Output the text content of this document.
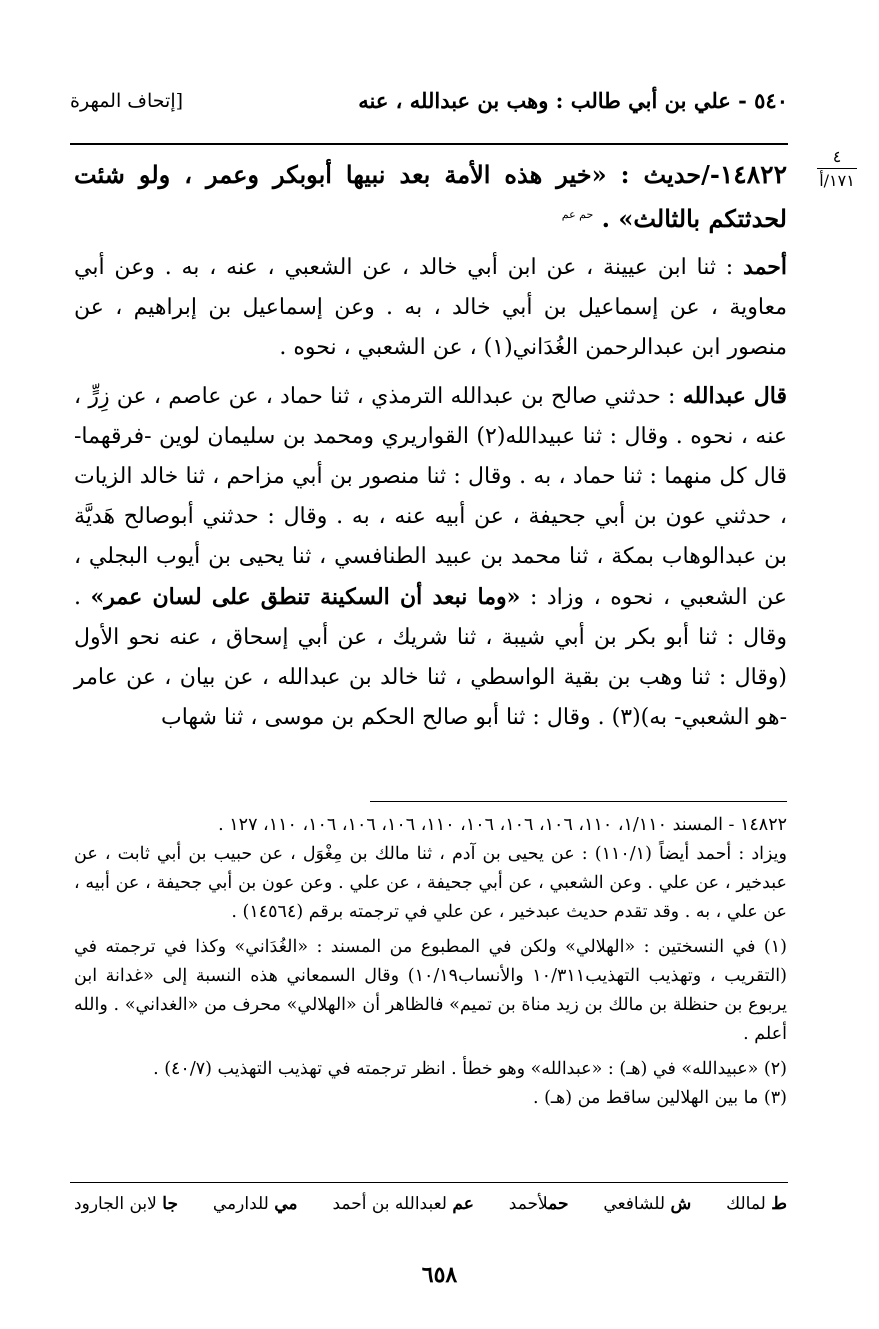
٥٤٠ - علي بن أبي طالب : وهب بن عبدالله ، عنه
[إتحاف المهرة
٤
١٧١/أ

١٤٨٢٢-/حديث : «خير هذه الأمة بعد نبيها أبوبكر وعمر ، ولو شئت لحدثتكم بالثالث» . $^{حم عم}$

أحمد : ثنا ابن عيينة ، عن ابن أبي خالد ، عن الشعبي ، عنه ، به . وعن أبي معاوية ، عن إسماعيل بن أبي خالد ، به . وعن إسماعيل بن إبراهيم ، عن منصور ابن عبدالرحمن الغُدَاني(١) ، عن الشعبي ، نحوه .

قال عبدالله : حدثني صالح بن عبدالله الترمذي ، ثنا حماد ، عن عاصم ، عن زِرٍّ ، عنه ، نحوه . وقال : ثنا عبيدالله(٢) القواريري ومحمد بن سليمان لوين -فرقهما-قال كل منهما : ثنا حماد ، به . وقال : ثنا منصور بن أبي مزاحم ، ثنا خالد الزيات ، حدثني عون بن أبي جحيفة ، عن أبيه عنه ، به . وقال : حدثني أبوصالح هَديَّة بن عبدالوهاب بمكة ، ثنا محمد بن عبيد الطنافسي ، ثنا يحيى بن أيوب البجلي ، عن الشعبي ، نحوه ، وزاد : «وما نبعد أن السكينة تنطق على لسان عمر» . وقال : ثنا أبو بكر بن أبي شيبة ، ثنا شريك ، عن أبي إسحاق ، عنه نحو الأول (وقال : ثنا وهب بن بقية الواسطي ، ثنا خالد بن عبدالله ، عن بيان ، عن عامر -هو الشعبي- به)(٣) . وقال : ثنا أبو صالح الحكم بن موسى ، ثنا شهاب

١٤٨٢٢ - المسند ١/١١٠، ١١٠، ١٠٦، ١٠٦، ١٠٦، ١١٠، ١٠٦، ١٠٦، ١٠٦، ١١٠، ١٢٧ .

ويزاد : أحمد أيضاً (١١٠/١) : عن يحيى بن آدم ، ثنا مالك بن مِغْوَل ، عن حبيب بن أبي ثابت ، عن عبدخير ، عن علي . وعن الشعبي ، عن أبي جحيفة ، عن علي . وعن عون بن أبي جحيفة ، عن أبيه ، عن علي ، به . وقد تقدم حديث عبدخير ، عن علي في ترجمته برقم (١٤٥٦٤) .

(١) في النسختين : «الهلالي» ولكن في المطبوع من المسند : «الغُدَاني» وكذا في ترجمته في (التقريب ، وتهذيب التهذيب١٠/٣١١ والأنساب١٠/١٩) وقال السمعاني هذه النسبة إلى «غدانة ابن يربوع بن حنظلة بن مالك بن زيد مناة بن تميم» فالظاهر أن «الهلالي» محرف من «الغداني» . والله أعلم .

(٢) «عبيدالله» في (هـ) : «عبدالله» وهو خطأ . انظر ترجمته في تهذيب التهذيب (٤٠/٧) .

(٣) ما بين الهلالين ساقط من (هـ) .

ط لمالك
ش للشافعي
حملأحمد
عم لعبدالله بن أحمد
مي للدارمي
جا لابن الجارود
٦٥٨
